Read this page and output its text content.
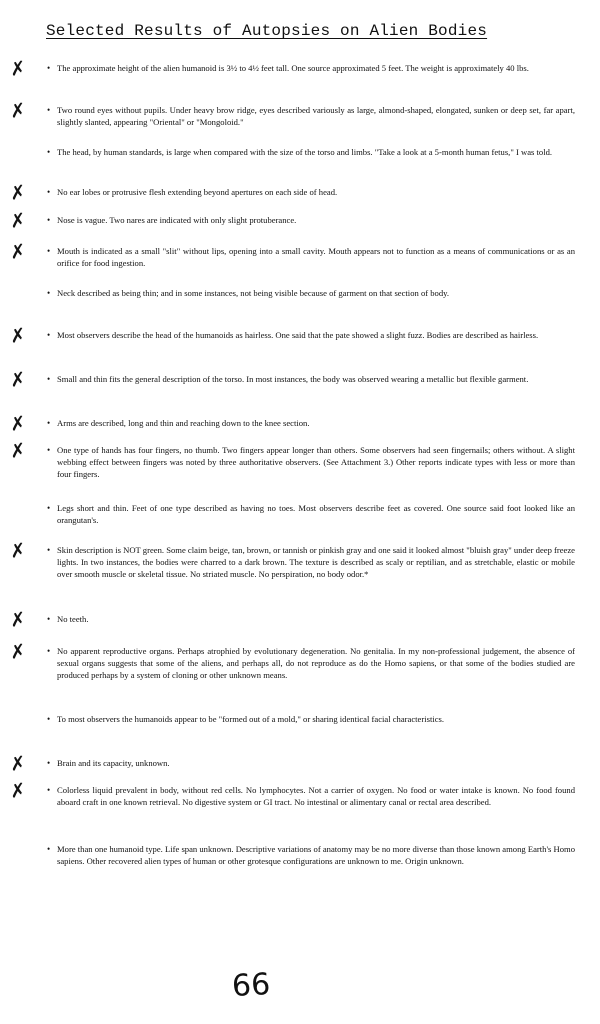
Selected Results of Autopsies on Alien Bodies
✗ • The approximate height of the alien humanoid is 3½ to 4½ feet tall. One source approximated 5 feet. The weight is approximately 40 lbs.
✗ • Two round eyes without pupils. Under heavy brow ridge, eyes described variously as large, almond-shaped, elongated, sunken or deep set, far apart, slightly slanted, appearing "Oriental" or "Mongoloid."
• The head, by human standards, is large when compared with the size of the torso and limbs. "Take a look at a 5-month human fetus," I was told.
✗ • No ear lobes or protrusive flesh extending beyond apertures on each side of head.
✗ • Nose is vague. Two nares are indicated with only slight protuberance.
✗ • Mouth is indicated as a small "slit" without lips, opening into a small cavity. Mouth appears not to function as a means of communications or as an orifice for food ingestion.
• Neck described as being thin; and in some instances, not being visible because of garment on that section of body.
✗ • Most observers describe the head of the humanoids as hairless. One said that the pate showed a slight fuzz. Bodies are described as hairless.
✗ • Small and thin fits the general description of the torso. In most instances, the body was observed wearing a metallic but flexible garment.
✗ • Arms are described, long and thin and reaching down to the knee section.
✗ • One type of hands has four fingers, no thumb. Two fingers appear longer than others. Some observers had seen fingernails; others without. A slight webbing effect between fingers was noted by three authoritative observers. (See Attachment 3.) Other reports indicate types with less or more than four fingers.
• Legs short and thin. Feet of one type described as having no toes. Most observers describe feet as covered. One source said foot looked like an orangutan's.
✗ • Skin description is NOT green. Some claim beige, tan, brown, or tannish or pinkish gray and one said it looked almost "bluish gray" under deep freeze lights. In two instances, the bodies were charred to a dark brown. The texture is described as scaly or reptilian, and as stretchable, elastic or mobile over smooth muscle or skeletal tissue. No striated muscle. No perspiration, no body odor.*
✗ • No teeth.
✗ • No apparent reproductive organs. Perhaps atrophied by evolutionary degeneration. No genitalia. In my non-professional judgement, the absence of sexual organs suggests that some of the aliens, and perhaps all, do not reproduce as do the Homo sapiens, or that some of the bodies studied are produced perhaps by a system of cloning or other unknown means.
• To most observers the humanoids appear to be "formed out of a mold," or sharing identical facial characteristics.
✗ • Brain and its capacity, unknown.
✗ • Colorless liquid prevalent in body, without red cells. No lymphocytes. Not a carrier of oxygen. No food or water intake is known. No food found aboard craft in one known retrieval. No digestive system or GI tract. No intestinal or alimentary canal or rectal area described.
• More than one humanoid type. Life span unknown. Descriptive variations of anatomy may be no more diverse than those known among Earth's Homo sapiens. Other recovered alien types of human or other grotesque configurations are unknown to me. Origin unknown.
66
